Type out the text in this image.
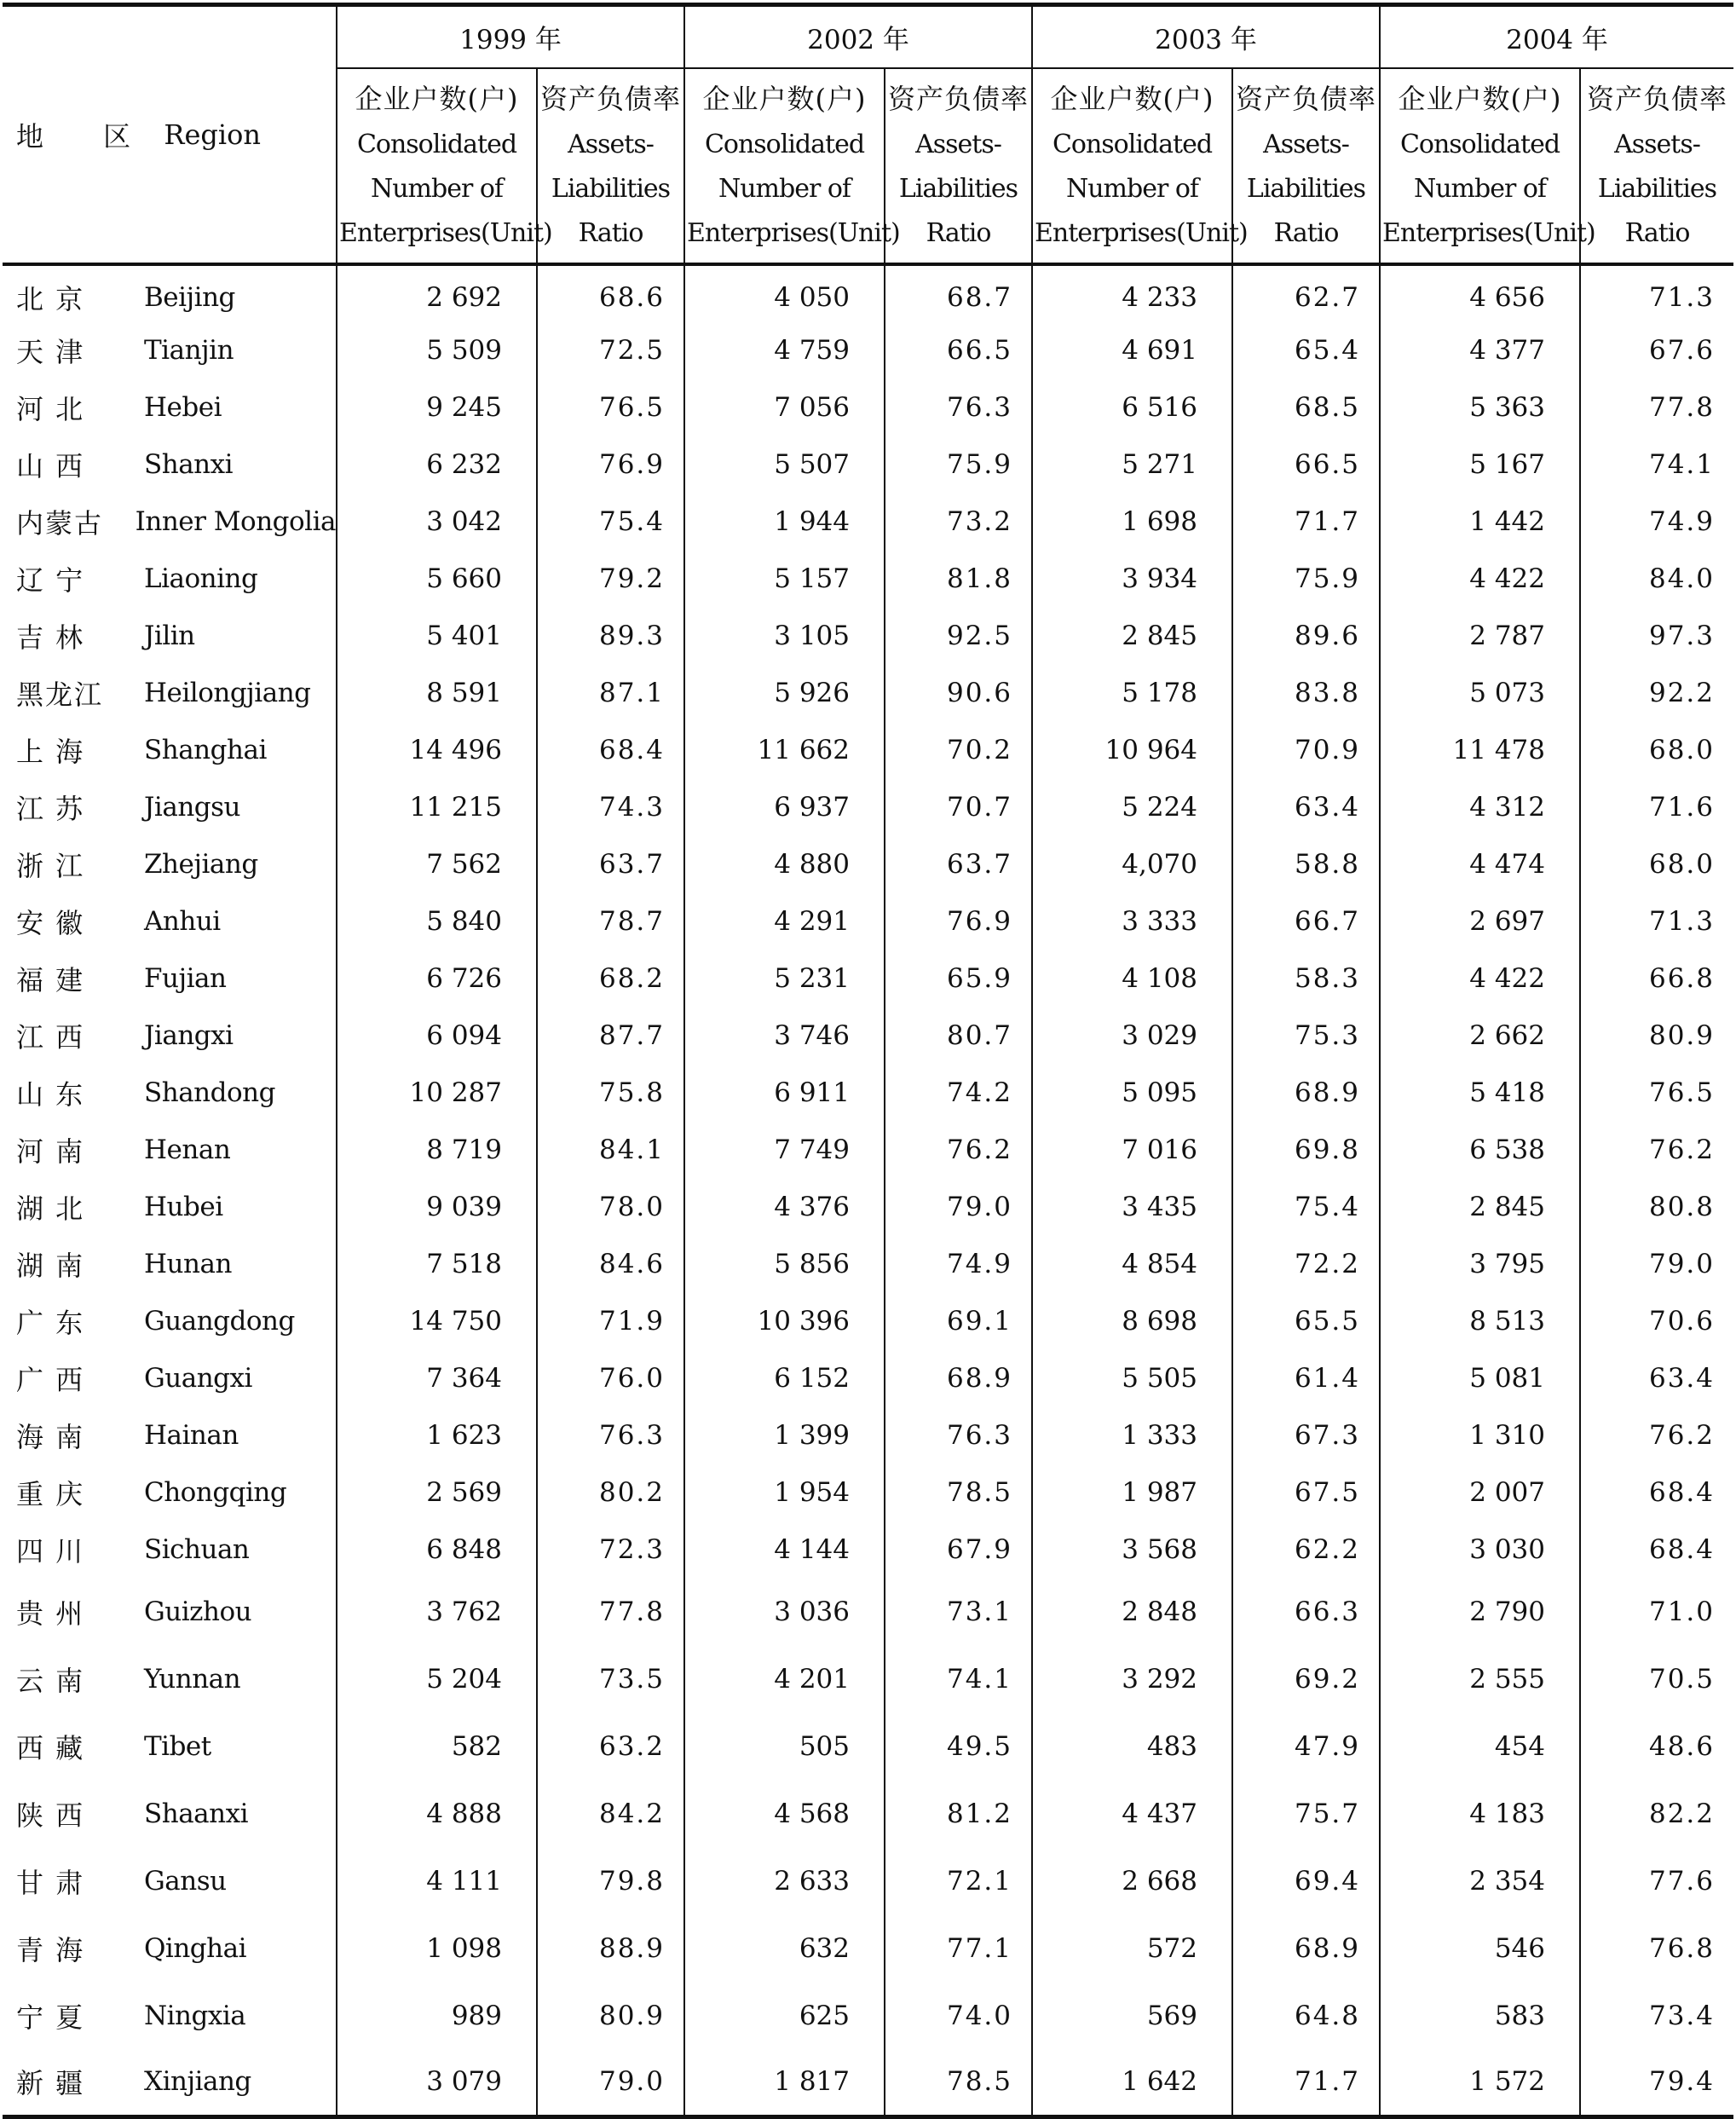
地 区 Region	1999 年		2002 年		2003 年		2004 年	
	企业户数(户)
Consolidated
Number of
Enterprises(Unit)	资产负债率
Assets-
Liabilities
Ratio	企业户数(户)
Consolidated
Number of
Enterprises(Unit)	资产负债率
Assets-
Liabilities
Ratio	企业户数(户)
Consolidated
Number of
Enterprises(Unit)	资产负债率
Assets-
Liabilities
Ratio	企业户数(户)
Consolidated
Number of
Enterprises(Unit)	资产负债率
Assets-
Liabilities
Ratio

北 京 Beijing	2 692	68.6	4 050	68.7	4 233	62.7	4 656	71.3

天 津 Tianjin	5 509	72.5	4 759	66.5	4 691	65.4	4 377	67.6

河 北 Hebei	9 245	76.5	7 056	76.3	6 516	68.5	5 363	77.8

山 西 Shanxi	6 232	76.9	5 507	75.9	5 271	66.5	5 167	74.1

内蒙古 Inner Mongolia	3 042	75.4	1 944	73.2	1 698	71.7	1 442	74.9

辽 宁 Liaoning	5 660	79.2	5 157	81.8	3 934	75.9	4 422	84.0

吉 林 Jilin	5 401	89.3	3 105	92.5	2 845	89.6	2 787	97.3

黑龙江 Heilongjiang	8 591	87.1	5 926	90.6	5 178	83.8	5 073	92.2

上 海 Shanghai	14 496	68.4	11 662	70.2	10 964	70.9	11 478	68.0

江 苏 Jiangsu	11 215	74.3	6 937	70.7	5 224	63.4	4 312	71.6

浙 江 Zhejiang	7 562	63.7	4 880	63.7	4,070	58.8	4 474	68.0

安 徽 Anhui	5 840	78.7	4 291	76.9	3 333	66.7	2 697	71.3

福 建 Fujian	6 726	68.2	5 231	65.9	4 108	58.3	4 422	66.8

江 西 Jiangxi	6 094	87.7	3 746	80.7	3 029	75.3	2 662	80.9

山 东 Shandong	10 287	75.8	6 911	74.2	5 095	68.9	5 418	76.5

河 南 Henan	8 719	84.1	7 749	76.2	7 016	69.8	6 538	76.2

湖 北 Hubei	9 039	78.0	4 376	79.0	3 435	75.4	2 845	80.8

湖 南 Hunan	7 518	84.6	5 856	74.9	4 854	72.2	3 795	79.0

广 东 Guangdong	14 750	71.9	10 396	69.1	8 698	65.5	8 513	70.6

广 西 Guangxi	7 364	76.0	6 152	68.9	5 505	61.4	5 081	63.4

海 南 Hainan	1 623	76.3	1 399	76.3	1 333	67.3	1 310	76.2

重 庆 Chongqing	2 569	80.2	1 954	78.5	1 987	67.5	2 007	68.4

四 川 Sichuan	6 848	72.3	4 144	67.9	3 568	62.2	3 030	68.4

贵 州 Guizhou	3 762	77.8	3 036	73.1	2 848	66.3	2 790	71.0

云 南 Yunnan	5 204	73.5	4 201	74.1	3 292	69.2	2 555	70.5

西 藏 Tibet	582	63.2	505	49.5	483	47.9	454	48.6

陕 西 Shaanxi	4 888	84.2	4 568	81.2	4 437	75.7	4 183	82.2

甘 肃 Gansu	4 111	79.8	2 633	72.1	2 668	69.4	2 354	77.6

青 海 Qinghai	1 098	88.9	632	77.1	572	68.9	546	76.8

宁 夏 Ningxia	989	80.9	625	74.0	569	64.8	583	73.4

新 疆 Xinjiang	3 079	79.0	1 817	78.5	1 642	71.7	1 572	79.4
